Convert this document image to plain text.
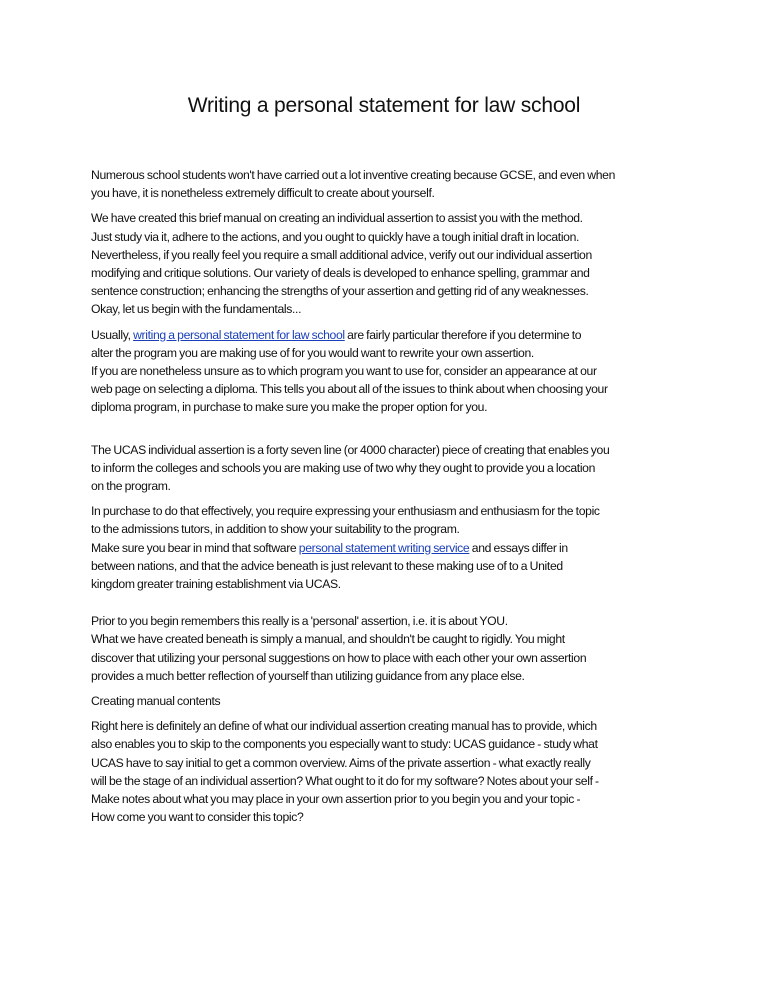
Writing a personal statement for law school

Numerous school students won't have carried out a lot inventive creating because GCSE, and even when
you have, it is nonetheless extremely difficult to create about yourself.

We have created this brief manual on creating an individual assertion to assist you with the method.
Just study via it, adhere to the actions, and you ought to quickly have a tough initial draft in location.
Nevertheless, if you really feel you require a small additional advice, verify out our individual assertion
modifying and critique solutions. Our variety of deals is developed to enhance spelling, grammar and
sentence construction; enhancing the strengths of your assertion and getting rid of any weaknesses.
Okay, let us begin with the fundamentals...

Usually, writing a personal statement for law school are fairly particular therefore if you determine to
alter the program you are making use of for you would want to rewrite your own assertion.
If you are nonetheless unsure as to which program you want to use for, consider an appearance at our
web page on selecting a diploma. This tells you about all of the issues to think about when choosing your
diploma program, in purchase to make sure you make the proper option for you.

The UCAS individual assertion is a forty seven line (or 4000 character) piece of creating that enables you
to inform the colleges and schools you are making use of two why they ought to provide you a location
on the program.

In purchase to do that effectively, you require expressing your enthusiasm and enthusiasm for the topic
to the admissions tutors, in addition to show your suitability to the program.
Make sure you bear in mind that software personal statement writing service and essays differ in
between nations, and that the advice beneath is just relevant to these making use of to a United
kingdom greater training establishment via UCAS.

Prior to you begin remembers this really is a 'personal' assertion, i.e. it is about YOU.
What we have created beneath is simply a manual, and shouldn't be caught to rigidly. You might
discover that utilizing your personal suggestions on how to place with each other your own assertion
provides a much better reflection of yourself than utilizing guidance from any place else.

Creating manual contents

Right here is definitely an define of what our individual assertion creating manual has to provide, which
also enables you to skip to the components you especially want to study: UCAS guidance - study what
UCAS have to say initial to get a common overview. Aims of the private assertion - what exactly really
will be the stage of an individual assertion? What ought to it do for my software? Notes about your self -
Make notes about what you may place in your own assertion prior to you begin you and your topic -
How come you want to consider this topic?
